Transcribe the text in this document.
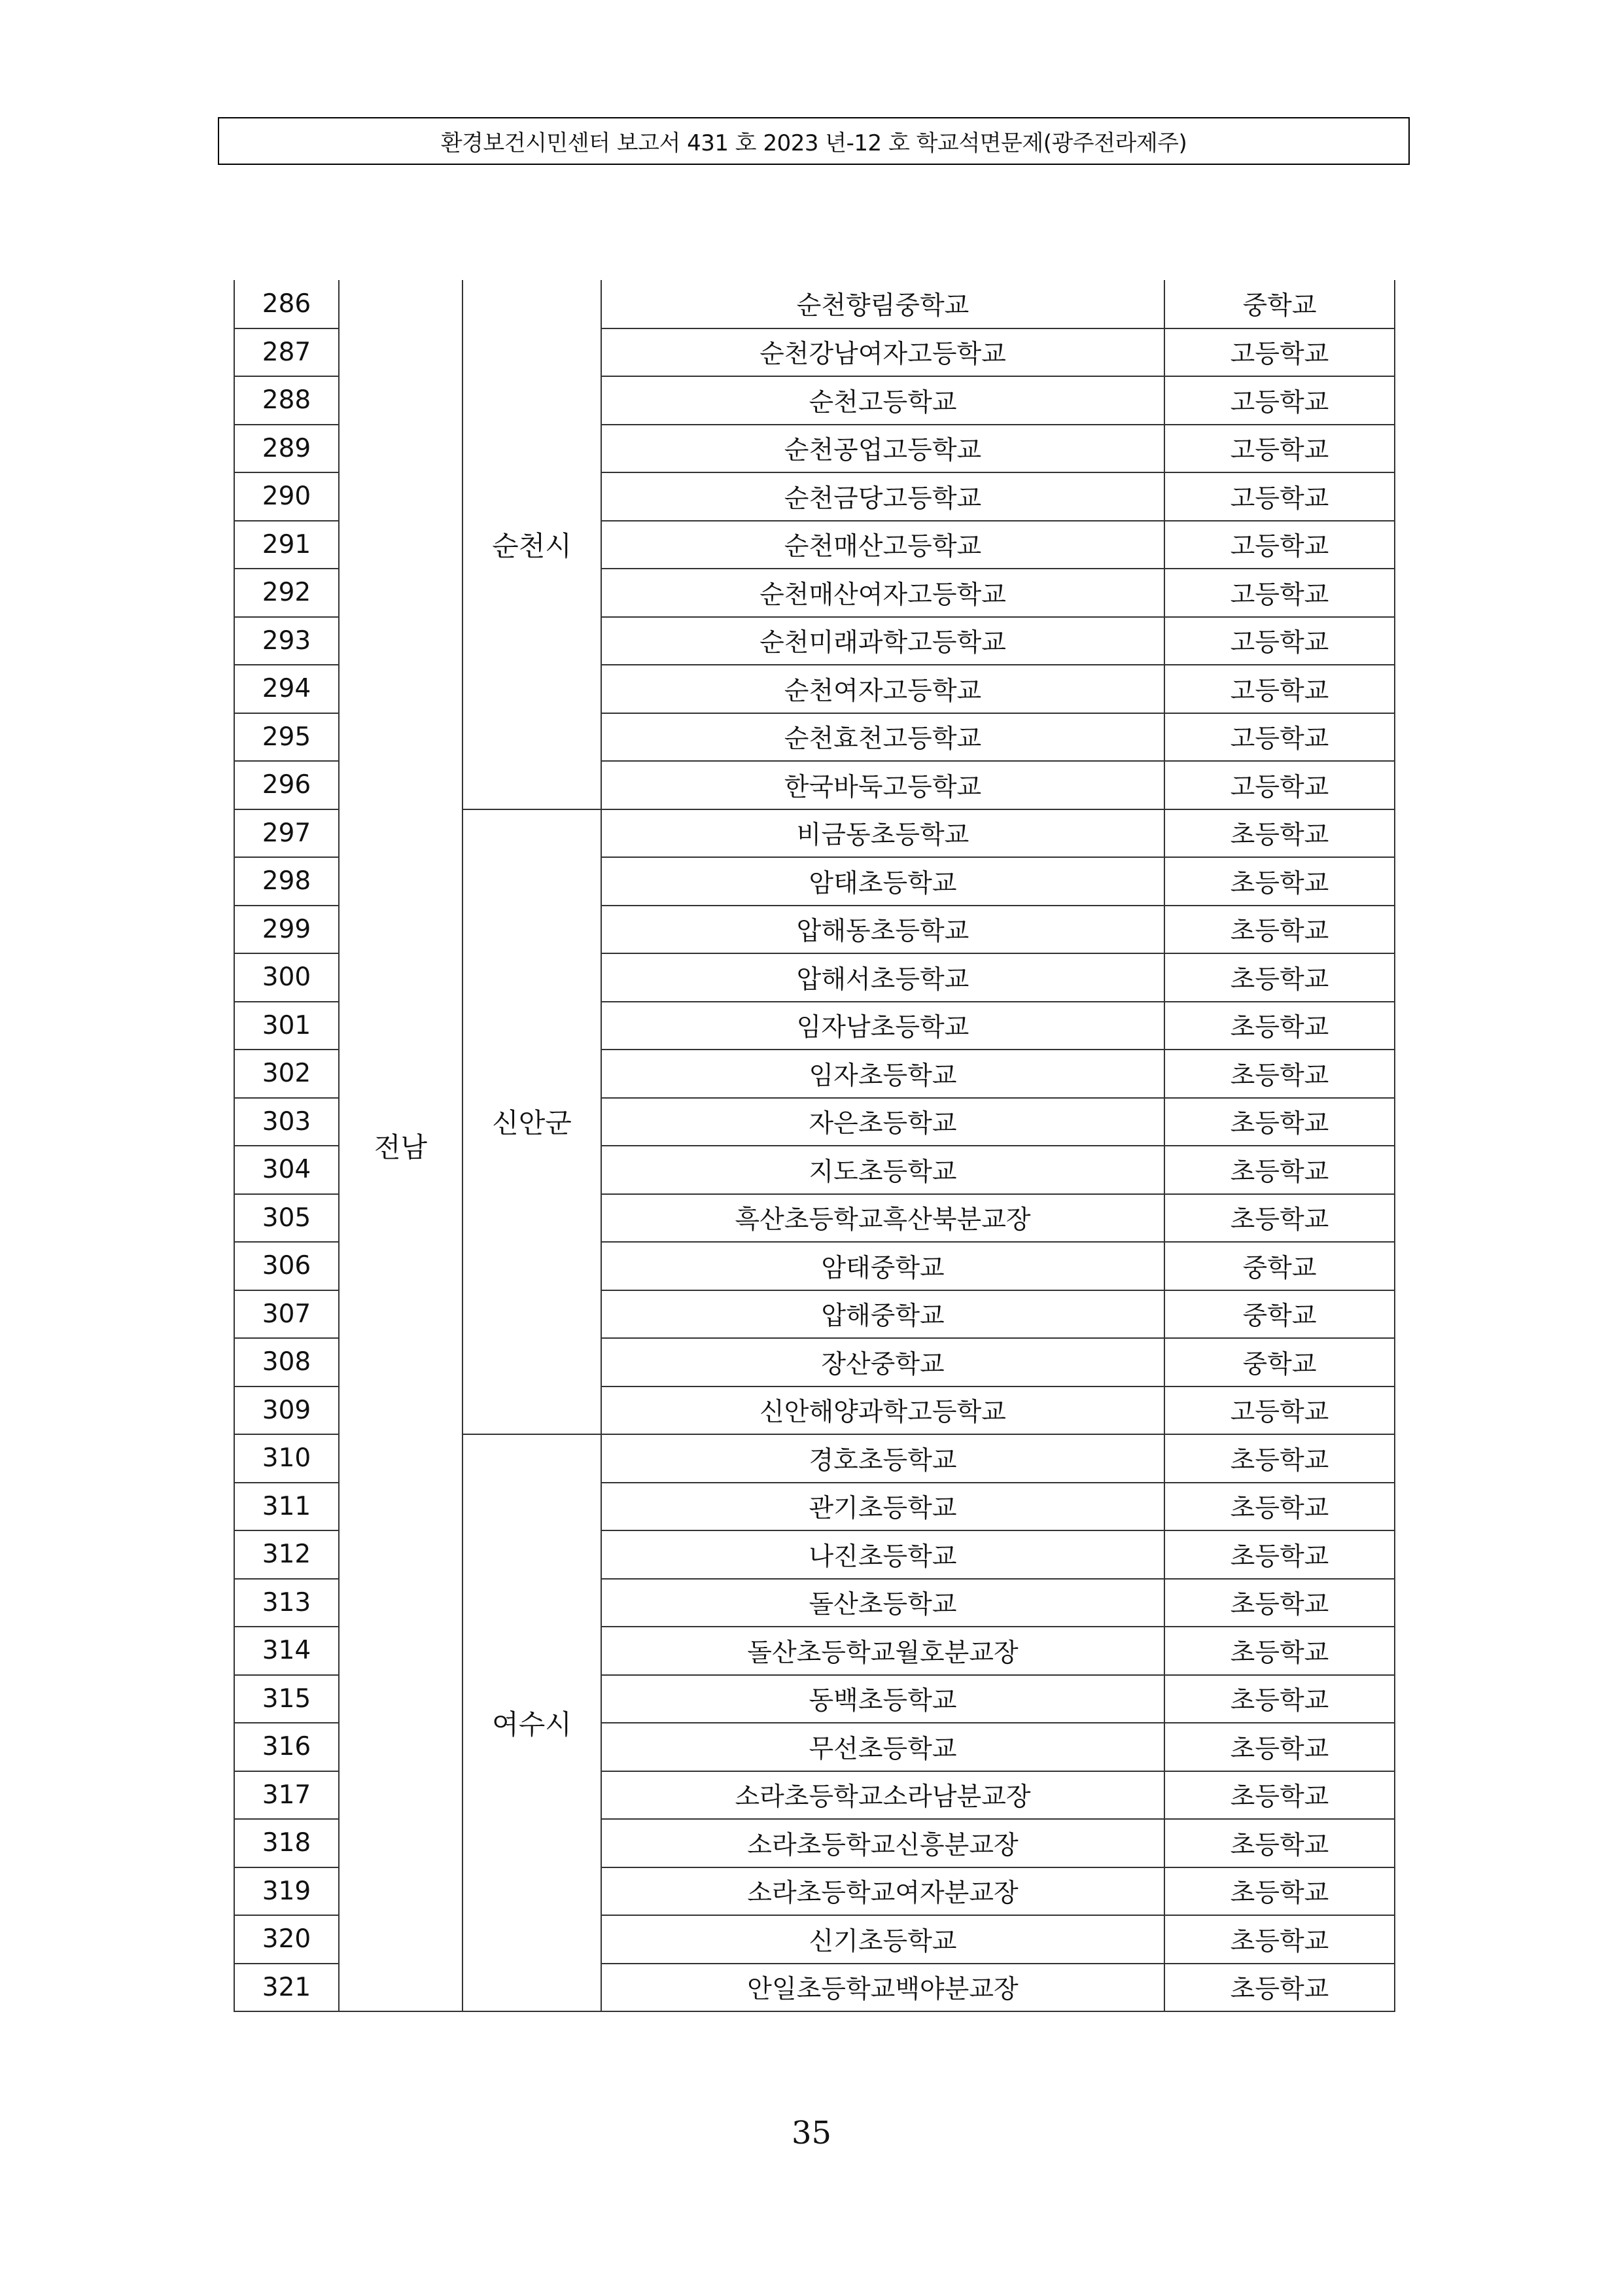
환경보건시민센터 보고서 431 호 2023 년-12 호 학교석면문제(광주전라제주)
286	전남	순천시	순천향림중학교	중학교
287			순천강남여자고등학교	고등학교
288			순천고등학교	고등학교
289			순천공업고등학교	고등학교
290			순천금당고등학교	고등학교
291			순천매산고등학교	고등학교
292			순천매산여자고등학교	고등학교
293			순천미래과학고등학교	고등학교
294			순천여자고등학교	고등학교
295			순천효천고등학교	고등학교
296			한국바둑고등학교	고등학교
297		신안군	비금동초등학교	초등학교
298			암태초등학교	초등학교
299			압해동초등학교	초등학교
300			압해서초등학교	초등학교
301			임자남초등학교	초등학교
302			임자초등학교	초등학교
303			자은초등학교	초등학교
304			지도초등학교	초등학교
305			흑산초등학교흑산북분교장	초등학교
306			암태중학교	중학교
307			압해중학교	중학교
308			장산중학교	중학교
309			신안해양과학고등학교	고등학교
310		여수시	경호초등학교	초등학교
311			관기초등학교	초등학교
312			나진초등학교	초등학교
313			돌산초등학교	초등학교
314			돌산초등학교월호분교장	초등학교
315			동백초등학교	초등학교
316			무선초등학교	초등학교
317			소라초등학교소라남분교장	초등학교
318			소라초등학교신흥분교장	초등학교
319			소라초등학교여자분교장	초등학교
320			신기초등학교	초등학교
321			안일초등학교백야분교장	초등학교
35
